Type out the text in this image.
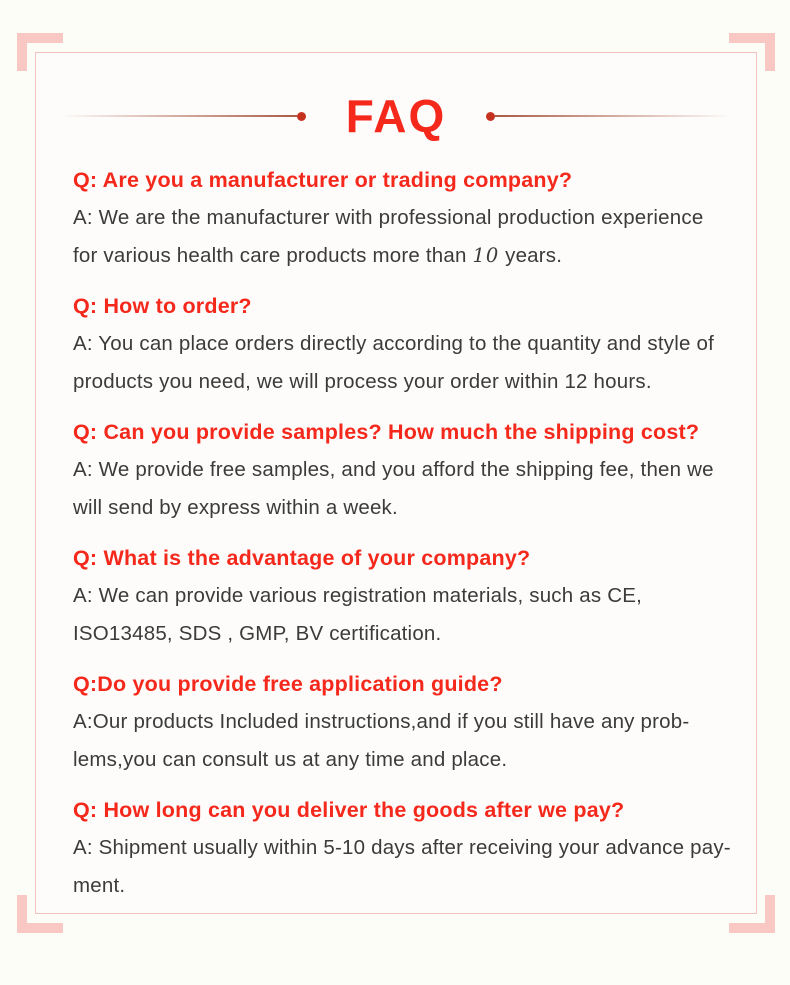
FAQ
Q: Are you a manufacturer or trading company?
A: We are the manufacturer with professional production experience
for various health care products more than 10 years.
Q: How to order?
A: You can place orders directly according to the quantity and style of
products you need, we will process your order within 12 hours.
Q: Can you provide samples? How much the shipping cost?
A: We provide free samples, and you afford the shipping fee, then we
will send by express within a week.
Q: What is the advantage of your company?
A: We can provide various registration materials, such as CE,
ISO13485, SDS , GMP, BV certification.
Q:Do you provide free application guide?
A:Our products Included instructions,and if you still have any prob-
lems,you can consult us at any time and place.
Q: How long can you deliver the goods after we pay?
A: Shipment usually within 5-10 days after receiving your advance pay-
ment.
